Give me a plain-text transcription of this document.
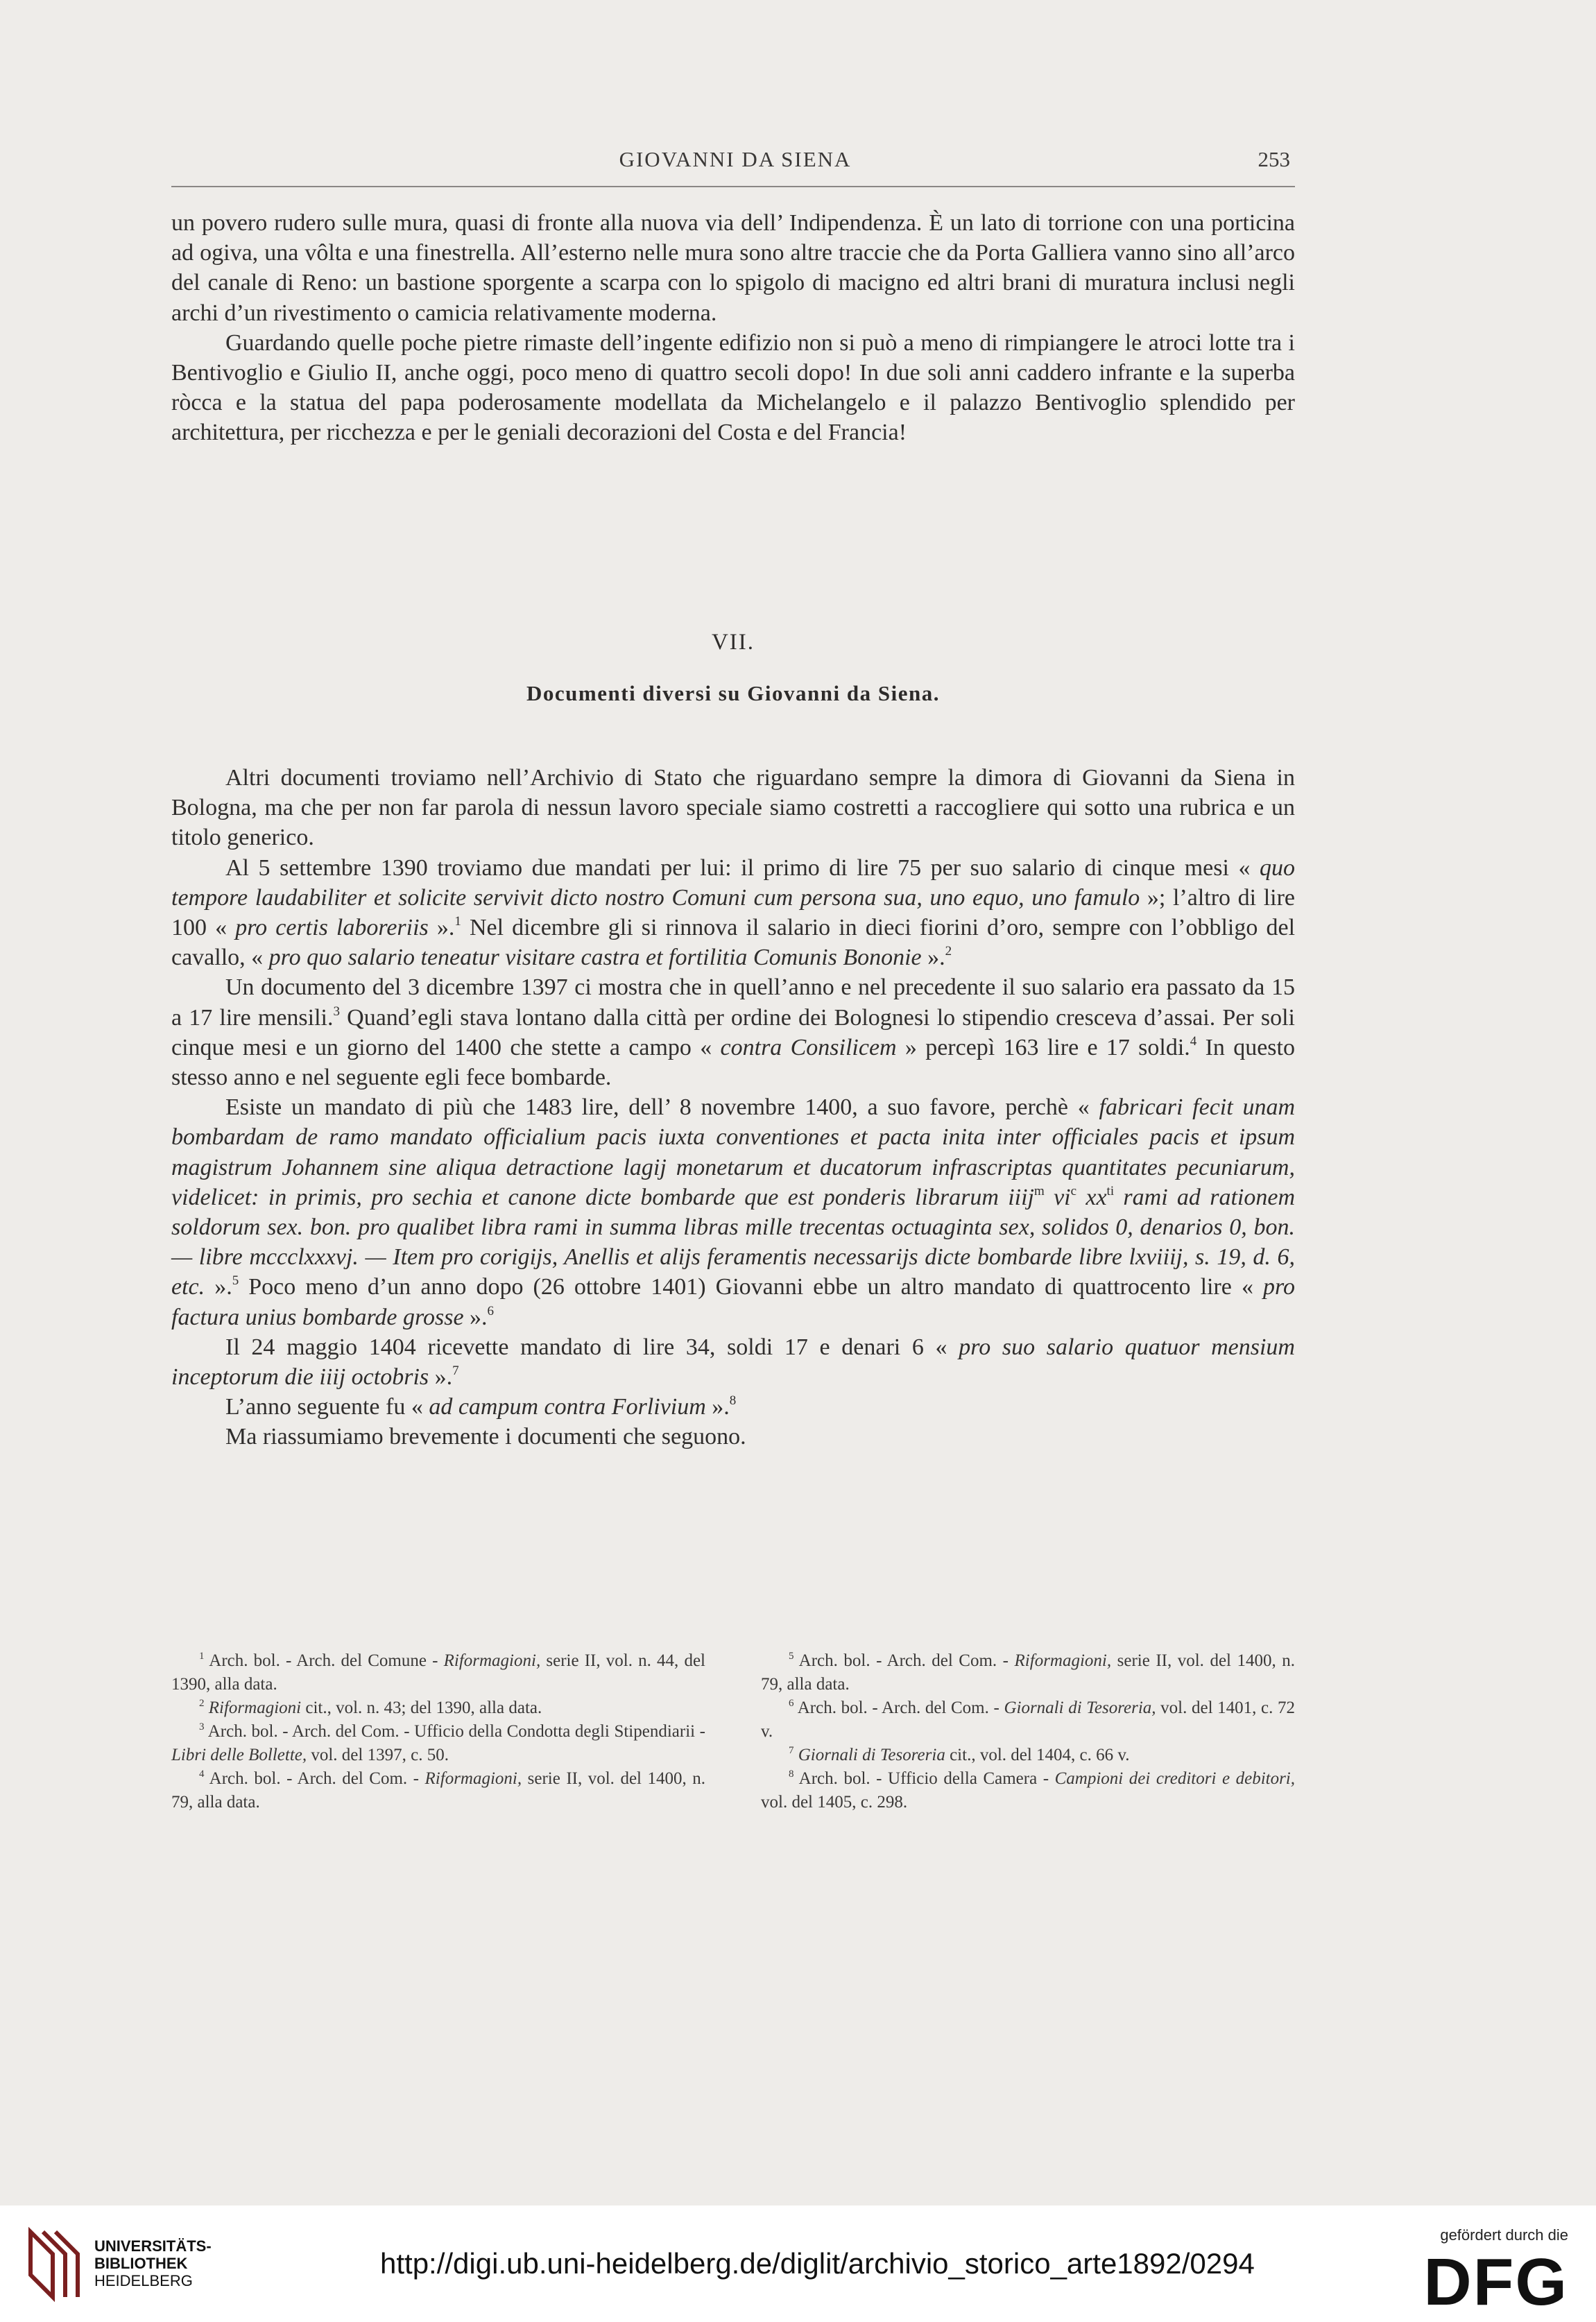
GIOVANNI DA SIENA	253

un povero rudero sulle mura, quasi di fronte alla nuova via dell’ Indipendenza. È un lato di torrione con una porticina ad ogiva, una vôlta e una finestrella. All’esterno nelle mura sono altre traccie che da Porta Galliera vanno sino all’arco del canale di Reno: un bastione sporgente a scarpa con lo spigolo di macigno ed altri brani di muratura inclusi negli archi d’un rivestimento o camicia relativamente moderna.

Guardando quelle poche pietre rimaste dell’ingente edifizio non si può a meno di rimpiangere le atroci lotte tra i Bentivoglio e Giulio II, anche oggi, poco meno di quattro secoli dopo! In due soli anni caddero infrante e la superba ròcca e la statua del papa poderosamente modellata da Michelangelo e il palazzo Bentivoglio splendido per architettura, per ricchezza e per le geniali decorazioni del Costa e del Francia!

VII.
Documenti diversi su Giovanni da Siena.

Altri documenti troviamo nell’Archivio di Stato che riguardano sempre la dimora di Giovanni da Siena in Bologna, ma che per non far parola di nessun lavoro speciale siamo costretti a raccogliere qui sotto una rubrica e un titolo generico.

Al 5 settembre 1390 troviamo due mandati per lui: il primo di lire 75 per suo salario di cinque mesi « quo tempore laudabiliter et solicite servivit dicto nostro Comuni cum persona sua, uno equo, uno famulo »; l’altro di lire 100 « pro certis laboreriis ».$^1$ Nel dicembre gli si rinnova il salario in dieci fiorini d’oro, sempre con l’obbligo del cavallo, « pro quo salario teneatur visitare castra et fortilitia Comunis Bononie ».$^2$

Un documento del 3 dicembre 1397 ci mostra che in quell’anno e nel precedente il suo salario era passato da 15 a 17 lire mensili.$^3$ Quand’egli stava lontano dalla città per ordine dei Bolognesi lo stipendio cresceva d’assai. Per soli cinque mesi e un giorno del 1400 che stette a campo « contra Consilicem » percepì 163 lire e 17 soldi.$^4$ In questo stesso anno e nel seguente egli fece bombarde.

Esiste un mandato di più che 1483 lire, dell’ 8 novembre 1400, a suo favore, perchè « fabricari fecit unam bombardam de ramo mandato officialium pacis iuxta conventiones et pacta inita inter officiales pacis et ipsum magistrum Johannem sine aliqua detractione lagij monetarum et ducatorum infrascriptas quantitates pecuniarum, videlicet: in primis, pro sechia et canone dicte bombarde que est ponderis librarum iiij$^m$ $vi^c$ $xx^{ti}$ rami ad rationem soldorum sex. bon. pro qualibet libra rami in summa libras mille trecentas octuaginta sex, solidos 0, denarios 0, bon. — libre mccclxxxvj. — Item pro corigijs, Anellis et alijs feramentis necessarijs dicte bombarde libre lxviiij, s. 19, d. 6, etc. ».$^5$ Poco meno d’un anno dopo (26 ottobre 1401) Giovanni ebbe un altro mandato di quattrocento lire « pro factura unius bombarde grosse ».$^6$

Il 24 maggio 1404 ricevette mandato di lire 34, soldi 17 e denari 6 « pro suo salario quatuor mensium inceptorum die iiij octobris ».$^7$

L’anno seguente fu « ad campum contra Forlivium ».$^8$

Ma riassumiamo brevemente i documenti che seguono.

$^1$ Arch. bol. - Arch. del Comune - Riformagioni, serie II, vol. n. 44, del 1390, alla data.

$^2$ Riformagioni cit., vol. n. 43; del 1390, alla data.

$^3$ Arch. bol. - Arch. del Com. - Ufficio della Condotta degli Stipendiarii - Libri delle Bollette, vol. del 1397, c. 50.

$^4$ Arch. bol. - Arch. del Com. - Riformagioni, serie II, vol. del 1400, n. 79, alla data.

$^5$ Arch. bol. - Arch. del Com. - Riformagioni, serie II, vol. del 1400, n. 79, alla data.

$^6$ Arch. bol. - Arch. del Com. - Giornali di Tesoreria, vol. del 1401, c. 72 v.

$^7$ Giornali di Tesoreria cit., vol. del 1404, c. 66 v.

$^8$ Arch. bol. - Ufficio della Camera - Campioni dei creditori e debitori, vol. del 1405, c. 298.

UNIVERSITÄTS-
BIBLIOTHEK
HEIDELBERG
http://digi.ub.uni-heidelberg.de/diglit/archivio_storico_arte1892/0294
gefördert durch die
DFG
